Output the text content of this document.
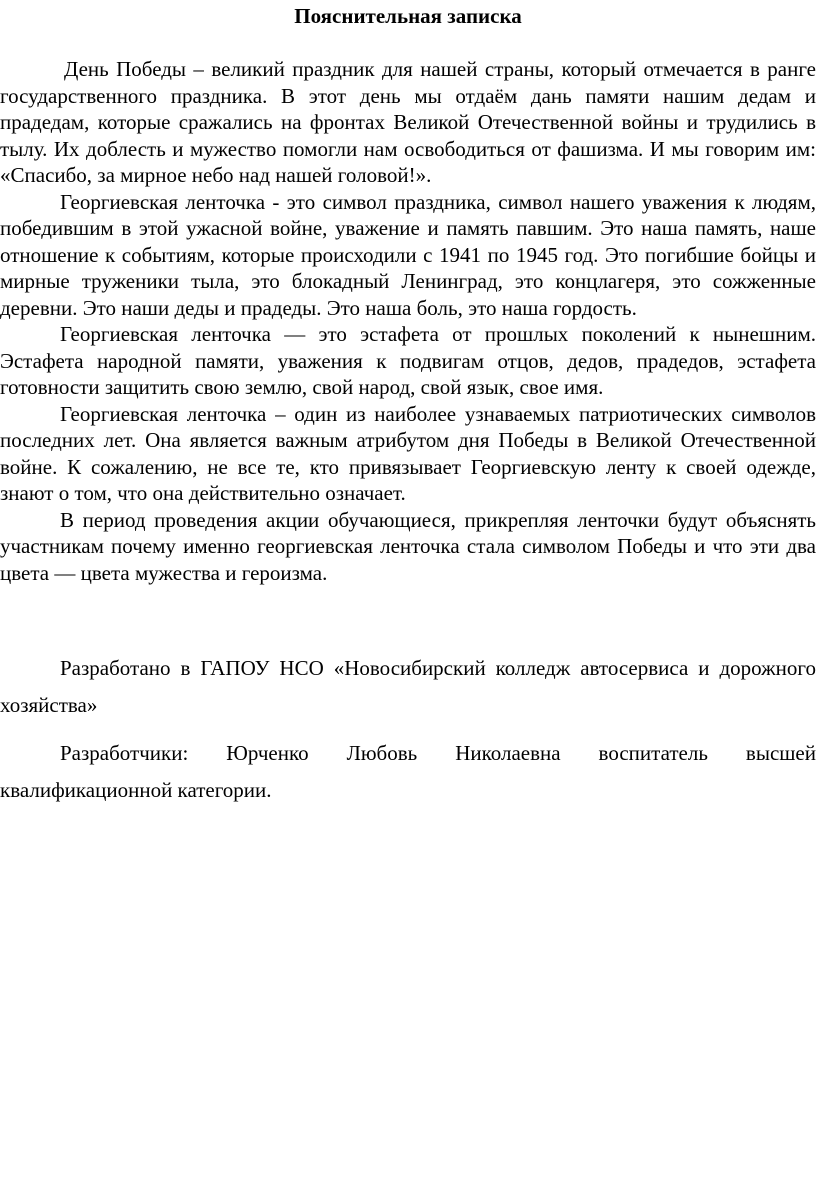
Пояснительная записка

День Победы – великий праздник для нашей страны, который отмечается в ранге государственного праздника. В этот день мы отдаём дань памяти нашим дедам и прадедам, которые сражались на фронтах Великой Отечественной войны и трудились в тылу. Их доблесть и мужество помогли нам освободиться от фашизма. И мы говорим им: «Спасибо, за мирное небо над нашей головой!».

Георгиевская ленточка - это символ праздника, символ нашего уважения к людям, победившим в этой ужасной войне, уважение и память павшим. Это наша память, наше отношение к событиям, которые происходили с 1941 по 1945 год. Это погибшие бойцы и мирные труженики тыла, это блокадный Ленинград, это концлагеря, это сожженные деревни. Это наши деды и прадеды. Это наша боль, это наша гордость.

Георгиевская ленточка — это эстафета от прошлых поколений к нынешним. Эстафета народной памяти, уважения к подвигам отцов, дедов, прадедов, эстафета готовности защитить свою землю, свой народ, свой язык, свое имя.

Георгиевская ленточка – один из наиболее узнаваемых патриотических символов последних лет. Она является важным атрибутом дня Победы в Великой Отечественной войне. К сожалению, не все те, кто привязывает Георгиевскую ленту к своей одежде, знают о том, что она действительно означает.

В период проведения акции обучающиеся, прикрепляя ленточки будут объяснять участникам почему именно георгиевская ленточка стала символом Победы и что эти два цвета — цвета мужества и героизма.

Разработано в ГАПОУ НСО «Новосибирский колледж автосервиса и дорожного хозяйства»

Разработчики: Юрченко Любовь Николаевна воспитатель высшей квалификационной категории.
